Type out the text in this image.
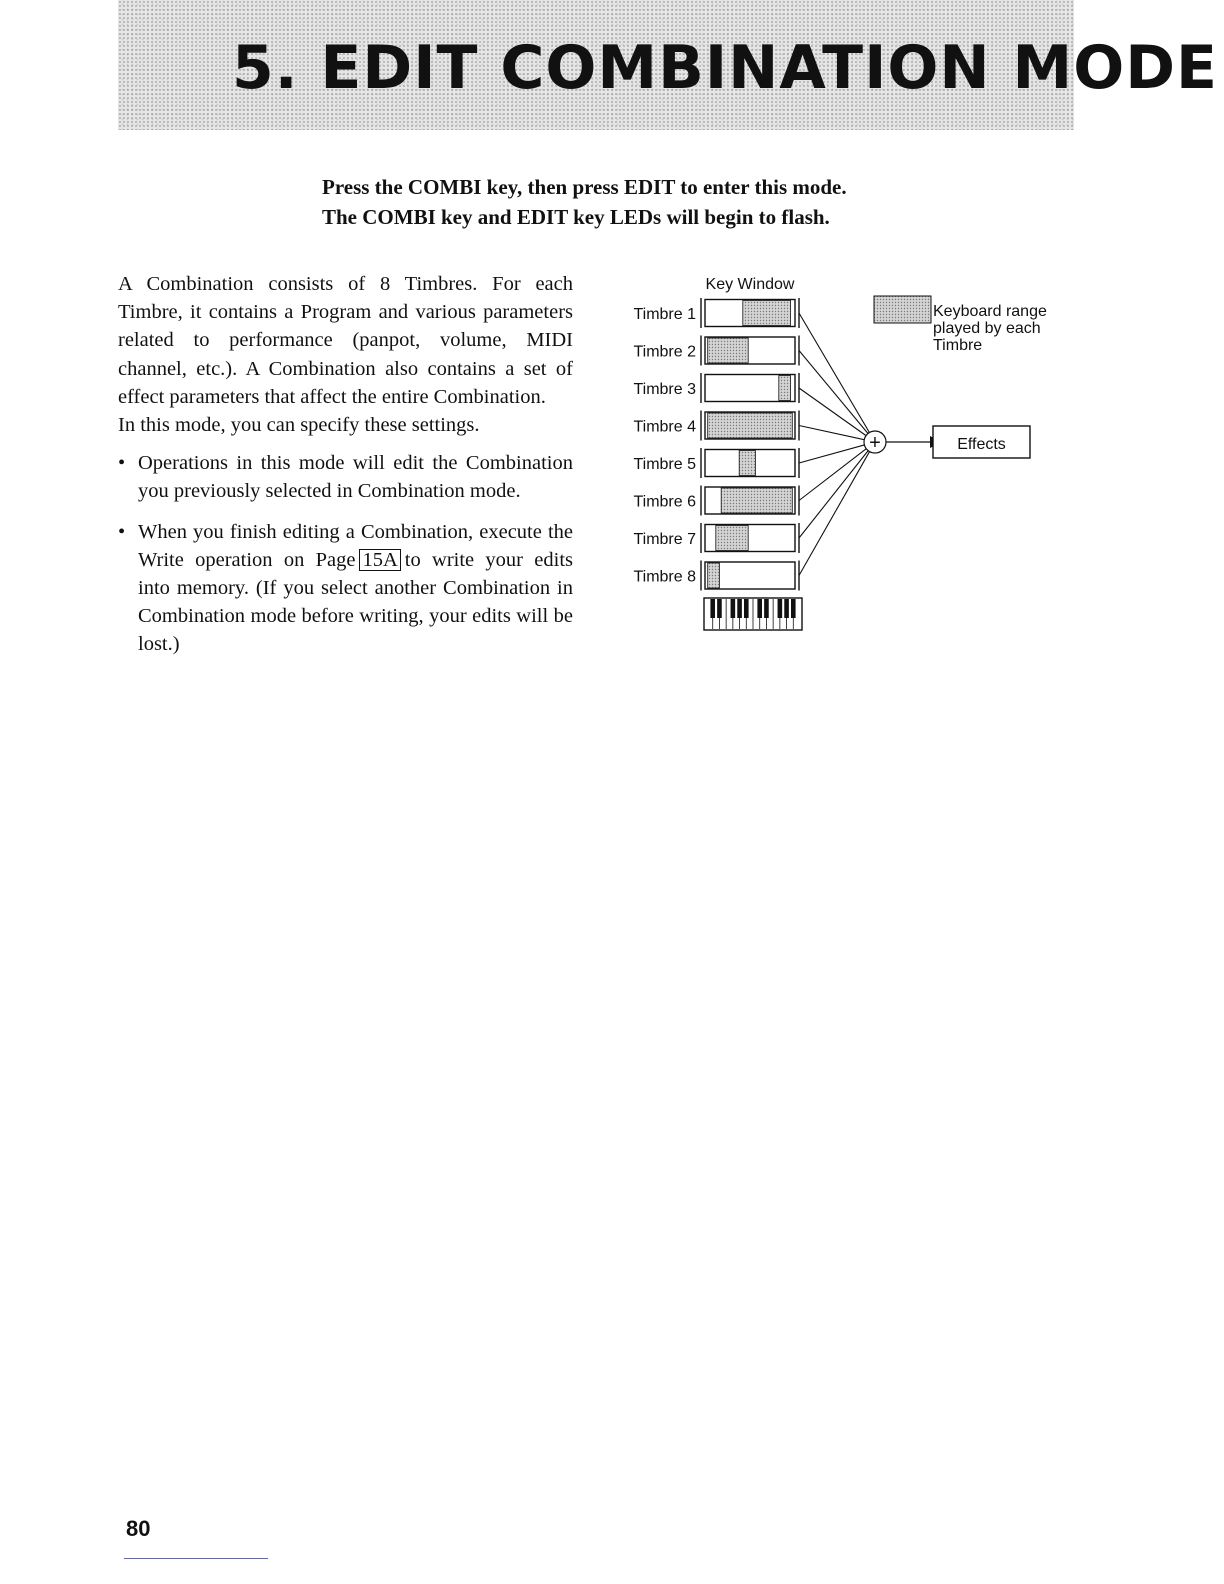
5. EDIT COMBINATION MODE
Press the COMBI key, then press EDIT to enter this mode.
The COMBI key and EDIT key LEDs will begin to flash.

A Combination consists of 8 Timbres. For each Timbre, it contains a Program and various parameters related to performance (panpot, volume, MIDI channel, etc.). A Combination also contains a set of effect parameters that affect the entire Combination.

In this mode, you can specify these settings.

• Operations in this mode will edit the Combination you previously selected in Combination mode.
• When you finish editing a Combination, execute the Write operation on Page 15A to write your edits into memory. (If you select another Combination in Combination mode before writing, your edits will be lost.)
Key Window
Timbre 1
Timbre 2
Timbre 3
Timbre 4
Timbre 5
Timbre 6
Timbre 7
Timbre 8
+	Effects
Keyboard range
played by each
Timbre
80
